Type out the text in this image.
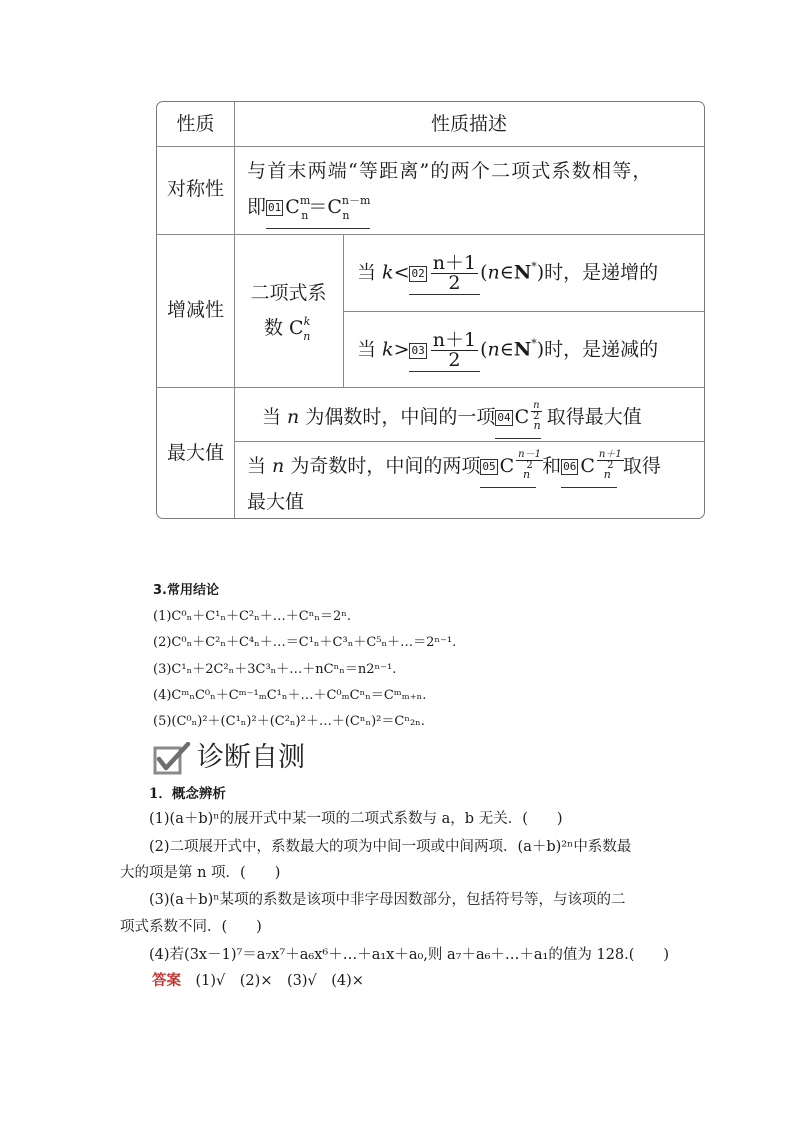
性质	性质描述
对称性
与首末两端“等距离”的两个二项式系数相等，
即 01 $C^m_n=C^{n-m}_n$
增减性
二项式系
数 $C^k_n$
当 $k< 02 \frac{n+1}{2}$ (n∈N*)时，是递增的
当 $k> 03 \frac{n+1}{2}$ (n∈N*)时，是递减的
最大值
当 n 为偶数时，中间的一项 04 C $^{\frac{n}{2}}$
$_n$ 取得最大值
当 n 为奇数时，中间的两项 05 C $^{\frac{n-1}{2}}$
$_n$ 和 06 C $^{\frac{n+1}{2}}$
$_n$ 取得
最大值
3.常用结论
(1)C⁰ₙ＋C¹ₙ＋C²ₙ＋…＋Cⁿₙ＝2ⁿ.
(2)C⁰ₙ＋C²ₙ＋C⁴ₙ＋…＝C¹ₙ＋C³ₙ＋C⁵ₙ＋…＝2ⁿ⁻¹.
(3)C¹ₙ＋2C²ₙ＋3C³ₙ＋…＋nCⁿₙ＝n2ⁿ⁻¹.
(4)CᵐₙC⁰ₙ＋Cᵐ⁻¹ₘC¹ₙ＋…＋C⁰ₘCⁿₙ＝Cᵐₘ₊ₙ.
(5)(C⁰ₙ)²＋(C¹ₙ)²＋(C²ₙ)²＋…＋(Cⁿₙ)²＝Cⁿ₂ₙ.
诊断自测
1．概念辨析
(1)(a＋b)ⁿ的展开式中某一项的二项式系数与 a，b 无关．(　　)
(2)二项展开式中，系数最大的项为中间一项或中间两项．(a＋b)²ⁿ中系数最
大的项是第 n 项．(　　)
(3)(a＋b)ⁿ某项的系数是该项中非字母因数部分，包括符号等，与该项的二
项式系数不同．(　　)
(4)若(3x－1)⁷＝a₇x⁷＋a₆x⁶＋…＋a₁x＋a₀,则 a₇＋a₆＋…＋a₁的值为 128.(　　)
答案　 (1)√　(2)×　(3)√　(4)×
